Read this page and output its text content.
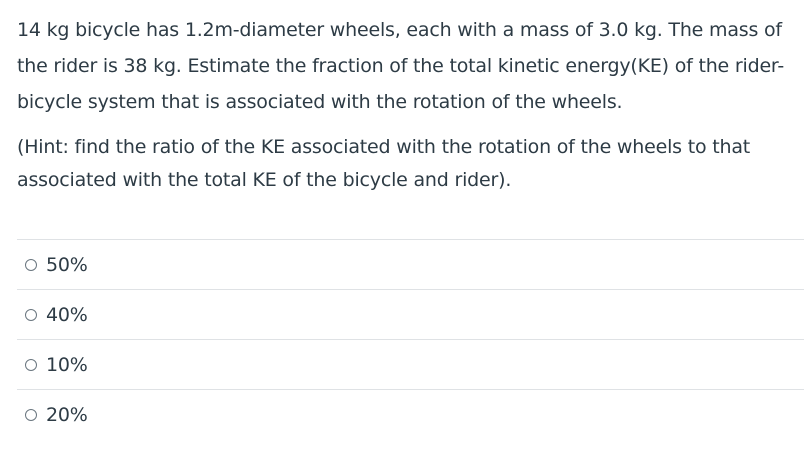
14 kg bicycle has 1.2m-diameter wheels, each with a mass of 3.0 kg. The mass of the rider is 38 kg. Estimate the fraction of the total kinetic energy(KE) of the rider-bicycle system that is associated with the rotation of the wheels.

(Hint: find the ratio of the KE associated with the rotation of the wheels to that associated with the total KE of the bicycle and rider).

50%
40%
10%
20%
